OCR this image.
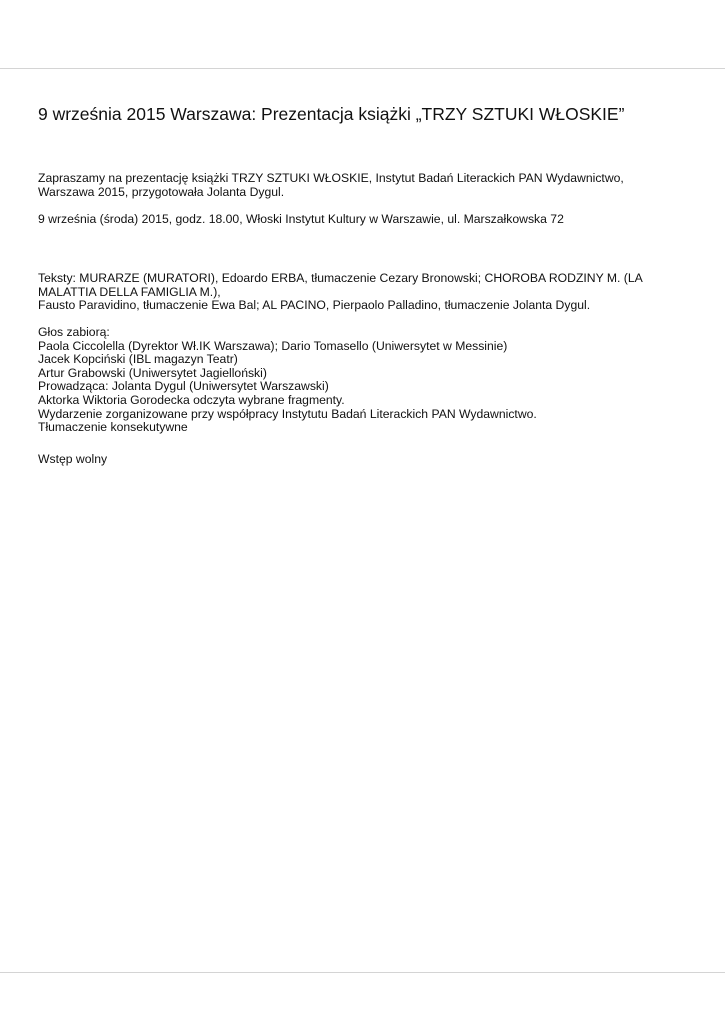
9 września 2015 Warszawa: Prezentacja książki „TRZY SZTUKI WŁOSKIE”
Zapraszamy na prezentację książki TRZY SZTUKI WŁOSKIE, Instytut Badań Literackich PAN Wydawnictwo,
Warszawa 2015, przygotowała Jolanta Dygul.
9 września (środa) 2015, godz. 18.00, Włoski Instytut Kultury w Warszawie, ul. Marszałkowska 72
Teksty: MURARZE (MURATORI), Edoardo ERBA, tłumaczenie Cezary Bronowski; CHOROBA RODZINY M. (LA
MALATTIA DELLA FAMIGLIA M.),
Fausto Paravidino, tłumaczenie Ewa Bal; AL PACINO, Pierpaolo Palladino, tłumaczenie Jolanta Dygul.
Głos zabiorą:
Paola Ciccolella (Dyrektor Wł.IK Warszawa); Dario Tomasello (Uniwersytet w Messinie)
Jacek Kopciński (IBL magazyn Teatr)
Artur Grabowski (Uniwersytet Jagielloński)
Prowadząca: Jolanta Dygul (Uniwersytet Warszawski)
Aktorka Wiktoria Gorodecka odczyta wybrane fragmenty.
Wydarzenie zorganizowane przy współpracy Instytutu Badań Literackich PAN Wydawnictwo.
Tłumaczenie konsekutywne
Wstęp wolny
